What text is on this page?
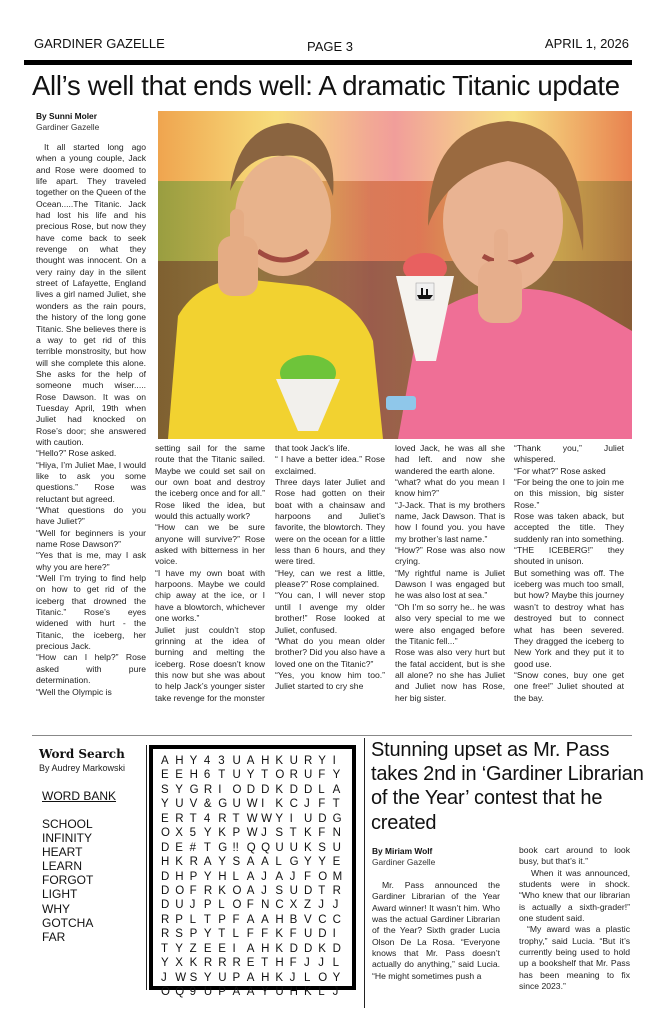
GARDINER GAZELLE	PAGE 3	APRIL 1, 2026
All’s well that ends well: A dramatic Titanic update
By Sunni Moler
Gardiner Gazelle

It all started long ago when a young couple, Jack and Rose were doomed to life apart. They traveled together on the Queen of the Ocean.....The Titanic. Jack had lost his life and his precious Rose, but now they have come back to seek revenge on what they thought was innocent. On a very rainy day in the silent street of Lafayette, England lives a girl named Juliet, she wonders as the rain pours, the history of the long gone Titanic. She believes there is a way to get rid of this terrible monstrosity, but how will she complete this alone. She asks for the help of someone much wiser..... Rose Dawson. It was on Tuesday April, 19th when Juliet had knocked on Rose’s door; she answered with caution.

“Hello?” Rose asked.

“Hiya, I’m Juliet Mae, I would like to ask you some questions.” Rose was reluctant but agreed.

“What questions do you have Juliet?”

“Well for beginners is your name Rose Dawson?”

“Yes that is me, may I ask why you are here?”

“Well I’m trying to find help on how to get rid of the iceberg that drowned the Titanic.” Rose’s eyes widened with hurt - the Titanic, the iceberg, her precious Jack.

“How can I help?” Rose asked with pure determination.

“Well the Olympic is

setting sail for the same route that the Titanic sailed. Maybe we could set sail on our own boat and destroy the iceberg once and for all.” Rose liked the idea, but would this actually work?

“How can we be sure anyone will survive?” Rose asked with bitterness in her voice.

“I have my own boat with harpoons. Maybe we could chip away at the ice, or I have a blowtorch, whichever one works.”

Juliet just couldn’t stop grinning at the idea of burning and melting the iceberg. Rose doesn’t know this now but she was about to help Jack’s younger sister take revenge for the monster

that took Jack’s life.

“ I have a better idea.” Rose exclaimed.

Three days later Juliet and Rose had gotten on their boat with a chainsaw and harpoons and Juliet’s favorite, the blowtorch. They were on the ocean for a little less than 6 hours, and they were tired.

“Hey, can we rest a little, please?” Rose complained.

“You can, I will never stop until I avenge my older brother!” Rose looked at Juliet, confused.

“What do you mean older brother? Did you also have a loved one on the Titanic?”

“Yes, you know him too.” Juliet started to cry she

loved Jack, he was all she had left. and now she wandered the earth alone.

“what? what do you mean I know him?”

“J-Jack. That is my brothers name, Jack Dawson. That is how I found you. you have my brother’s last name.”

“How?” Rose was also now crying.

“My rightful name is Juliet Dawson I was engaged but he was also lost at sea.”

“Oh I’m so sorry he.. he was also very special to me we were also engaged before the Titanic fell...”

Rose was also very hurt but the fatal accident, but is she all alone? no she has Juliet and Juliet now has Rose, her big sister.

“Thank you,” Juliet whispered.

“For what?” Rose asked

“For being the one to join me on this mission, big sister Rose.”

Rose was taken aback, but accepted the title. They suddenly ran into something.

“THE ICEBERG!” they shouted in unison.

But something was off. The iceberg was much too small, but how? Maybe this journey wasn’t to destroy what has destroyed but to connect what has been severed. They dragged the iceberg to New York and they put it to good use.

“Snow cones, buy one get one free!” Juliet shouted at the bay.

Word Search
By Audrey Markowski
WORD BANK
SCHOOL
INFINITY
HEART
LEARN
FORGOT
LIGHT
WHY
GOTCHA
FAR
A H Y 4 3 U A H K U R Y I
E E H 6 T U Y T O R U F Y
S Y G R I O D D K D D L A
Y U V & G U W I K C J F T
E R T 4 R T W W Y I U D G
O X 5 Y K P W J S T K F N
D E # T G !! Q Q U U K S U
H K R A Y S A A L G Y Y E
D H P Y H L A J A J F O M
D O F R K O A J S U D T R
D U J P L O F N C X Z J J
R P L T P F A A H B V C C
R S P Y T L F F K F U D I
T Y Z E E I A H K D D K D
Y X K R R R E T H F J J L
J W S Y U P A H K J L O Y
O Q 9 U P A A Y U H K L J
Stunning upset as Mr. Pass takes 2nd in ‘Gardiner Librarian of the Year’ contest that he created
By Miriam Wolf
Gardiner Gazelle

Mr. Pass announced the Gardiner Librarian of the Year Award winner! It wasn’t him. Who was the actual Gardiner Librarian of the Year? Sixth grader Lucia Olson De La Rosa. “Everyone knows that Mr. Pass doesn’t actually do anything,” said Lucia. “He might sometimes push a

book cart around to look busy, but that’s it.”

When it was announced, students were in shock. “Who knew that our librarian is actually a sixth-grader!” one student said.

“My award was a plastic trophy,” said Lucia. “But it’s currently being used to hold up a bookshelf that Mr. Pass has been meaning to fix since 2023.”
